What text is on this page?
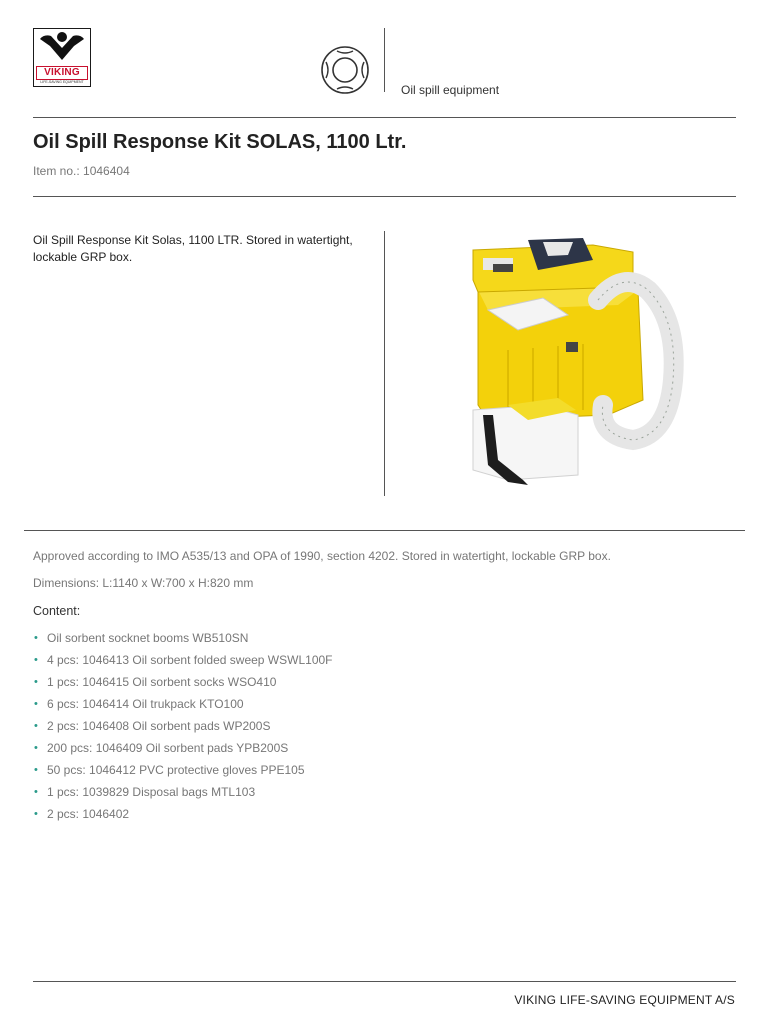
VIKING
LIFE-SAVING EQUIPMENT
Oil spill equipment
Oil Spill Response Kit SOLAS, 1100 Ltr.
Item no.: 1046404

Oil Spill Response Kit Solas, 1100 LTR. Stored in watertight, lockable GRP box.

Approved according to IMO A535/13 and OPA of 1990, section 4202. Stored in watertight, lockable GRP box.
Dimensions: L:1140 x W:700 x H:820 mm
Content:
• Oil sorbent socknet booms WB510SN
• 4 pcs: 1046413 Oil sorbent folded sweep WSWL100F
• 1 pcs: 1046415 Oil sorbent socks WSO410
• 6 pcs: 1046414 Oil trukpack KTO100
• 2 pcs: 1046408 Oil sorbent pads WP200S
• 200 pcs: 1046409 Oil sorbent pads YPB200S
• 50 pcs: 1046412 PVC protective gloves PPE105
• 1 pcs: 1039829 Disposal bags MTL103
• 2 pcs: 1046402
VIKING LIFE-SAVING EQUIPMENT A/S
